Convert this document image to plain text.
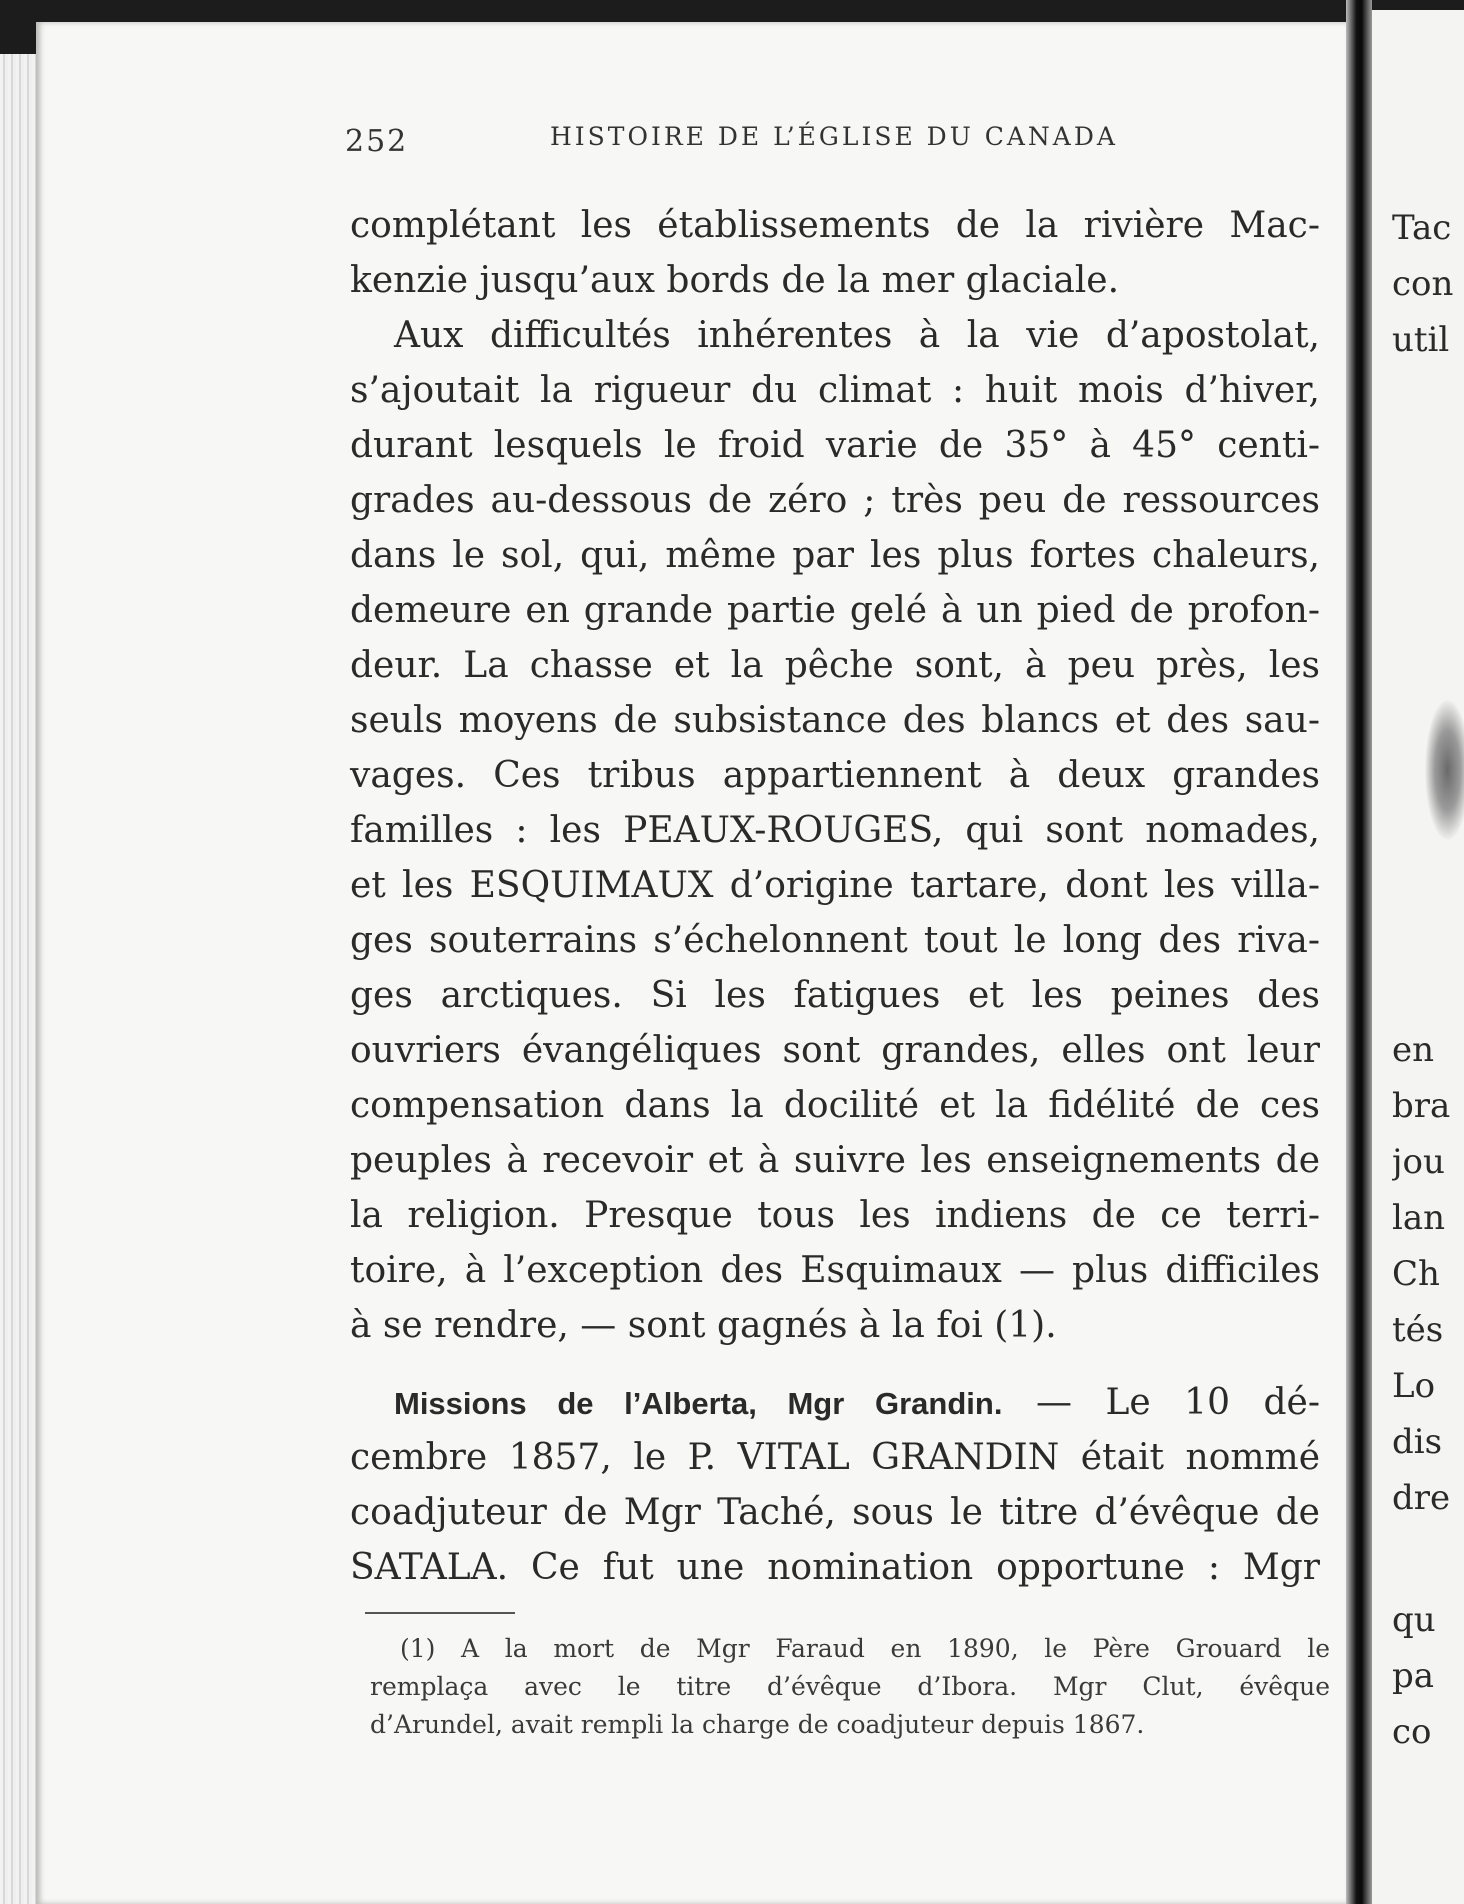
252	HISTOIRE DE L’ÉGLISE DU CANADA
complétant les établissements de la rivière Mac-
kenzie jusqu’aux bords de la mer glaciale.
Aux difficultés inhérentes à la vie d’apostolat,
s’ajoutait la rigueur du climat : huit mois d’hiver,
durant lesquels le froid varie de 35° à 45° centi-
grades au-dessous de zéro ; très peu de ressources
dans le sol, qui, même par les plus fortes chaleurs,
demeure en grande partie gelé à un pied de profon-
deur. La chasse et la pêche sont, à peu près, les
seuls moyens de subsistance des blancs et des sau-
vages. Ces tribus appartiennent à deux grandes
familles : les PEAUX-ROUGES, qui sont nomades,
et les ESQUIMAUX d’origine tartare, dont les villa-
ges souterrains s’échelonnent tout le long des riva-
ges arctiques. Si les fatigues et les peines des
ouvriers évangéliques sont grandes, elles ont leur
compensation dans la docilité et la fidélité de ces
peuples à recevoir et à suivre les enseignements de
la religion. Presque tous les indiens de ce terri-
toire, à l’exception des Esquimaux — plus difficiles
à se rendre, — sont gagnés à la foi (1).
Missions de l’Alberta, Mgr Grandin. — Le 10 dé-
cembre 1857, le P. VITAL GRANDIN était nommé
coadjuteur de Mgr Taché, sous le titre d’évêque de
SATALA. Ce fut une nomination opportune : Mgr
(1) A la mort de Mgr Faraud en 1890, le Père Grouard le
remplaça avec le titre d’évêque d’Ibora. Mgr Clut, évêque
d’Arundel, avait rempli la charge de coadjuteur depuis 1867.
Tac
con
util
en
bra
jou
lan
Ch
tés
Lo
dis
dre
qu
pa
co
